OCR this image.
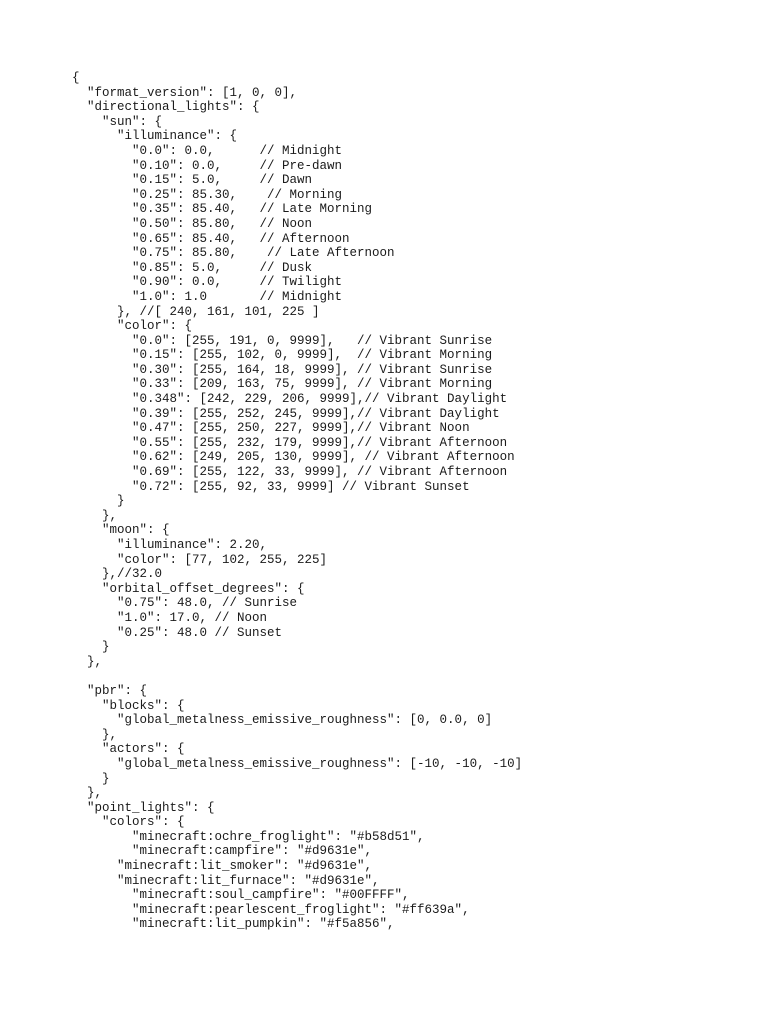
{
"format_version": [1, 0, 0],
"directional_lights": {
"sun": {
"illuminance": {
"0.0": 0.0,      // Midnight
"0.10": 0.0,     // Pre-dawn
"0.15": 5.0,     // Dawn
"0.25": 85.30,    // Morning
"0.35": 85.40,   // Late Morning
"0.50": 85.80,   // Noon
"0.65": 85.40,   // Afternoon
"0.75": 85.80,    // Late Afternoon
"0.85": 5.0,     // Dusk
"0.90": 0.0,     // Twilight
"1.0": 1.0       // Midnight
}, //[ 240, 161, 101, 225 ]
"color": {
"0.0": [255, 191, 0, 9999],   // Vibrant Sunrise
"0.15": [255, 102, 0, 9999],  // Vibrant Morning
"0.30": [255, 164, 18, 9999], // Vibrant Sunrise
"0.33": [209, 163, 75, 9999], // Vibrant Morning
"0.348": [242, 229, 206, 9999],// Vibrant Daylight
"0.39": [255, 252, 245, 9999],// Vibrant Daylight
"0.47": [255, 250, 227, 9999],// Vibrant Noon
"0.55": [255, 232, 179, 9999],// Vibrant Afternoon
"0.62": [249, 205, 130, 9999], // Vibrant Afternoon
"0.69": [255, 122, 33, 9999], // Vibrant Afternoon
"0.72": [255, 92, 33, 9999] // Vibrant Sunset
}
},
"moon": {
"illuminance": 2.20,
"color": [77, 102, 255, 225]
},//32.0
"orbital_offset_degrees": {
"0.75": 48.0, // Sunrise
"1.0": 17.0, // Noon
"0.25": 48.0 // Sunset
}
},
"pbr": {
"blocks": {
"global_metalness_emissive_roughness": [0, 0.0, 0]
},
"actors": {
"global_metalness_emissive_roughness": [-10, -10, -10]
}
},
"point_lights": {
"colors": {
"minecraft:ochre_froglight": "#b58d51",
"minecraft:campfire": "#d9631e",
"minecraft:lit_smoker": "#d9631e",
"minecraft:lit_furnace": "#d9631e",
"minecraft:soul_campfire": "#00FFFF",
"minecraft:pearlescent_froglight": "#ff639a",
"minecraft:lit_pumpkin": "#f5a856",
